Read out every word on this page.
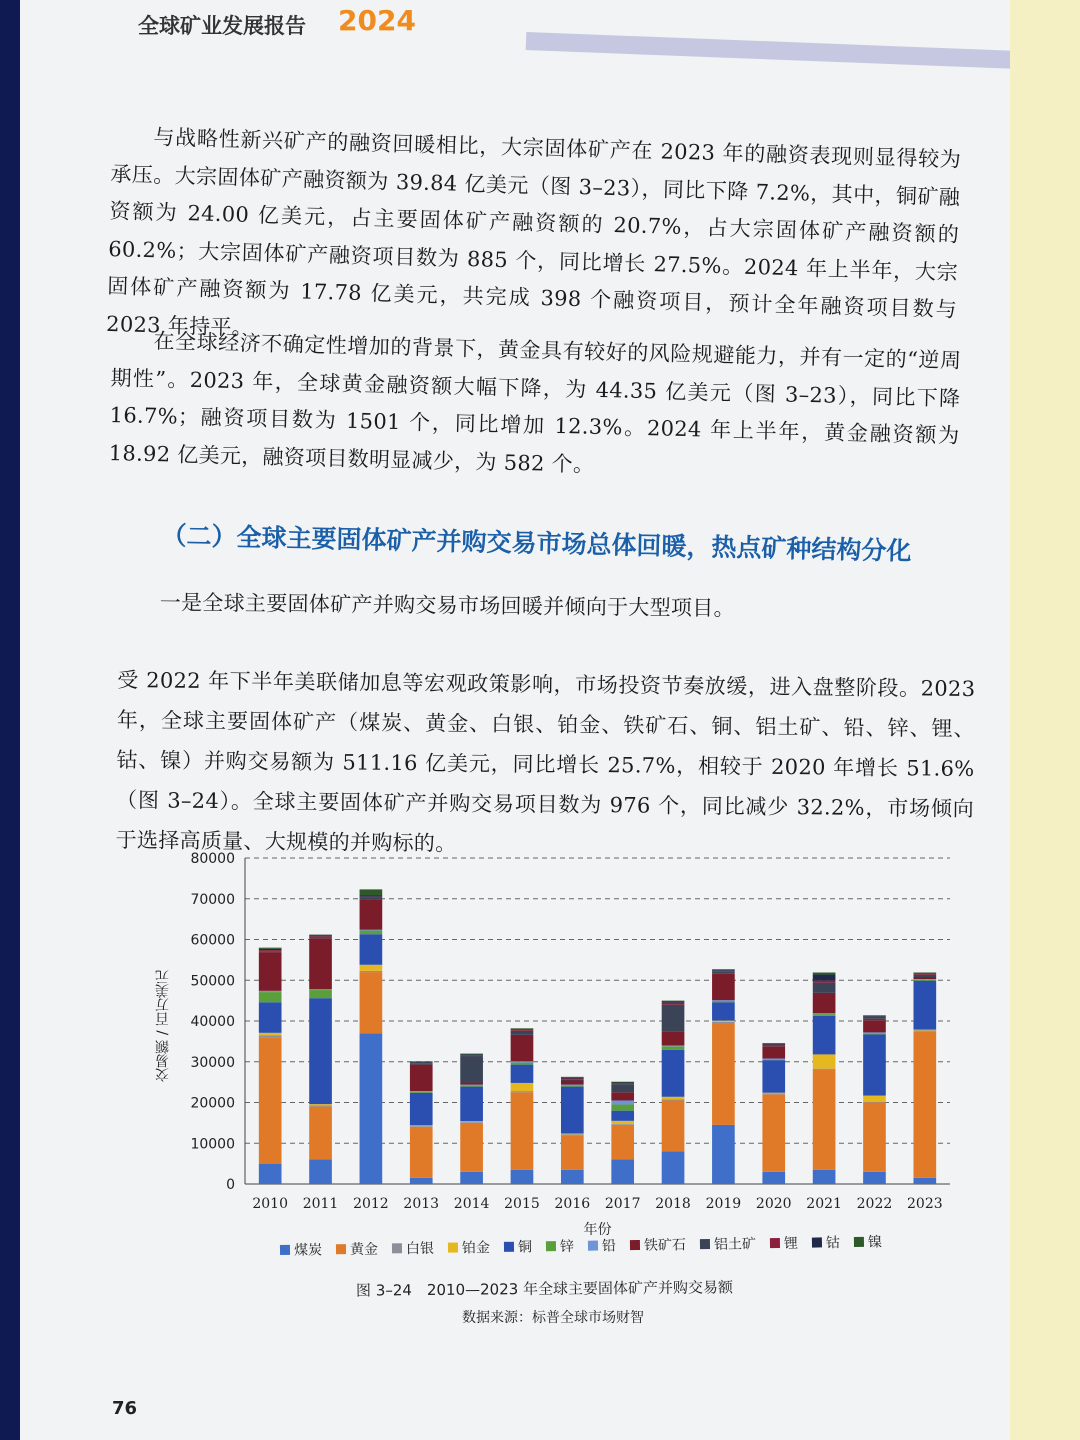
全球矿业发展报告 2024

与战略性新兴矿产的融资回暖相比，大宗固体矿产在 2023 年的融资表现则显得较为承压。大宗固体矿产融资额为 39.84 亿美元（图 3–23），同比下降 7.2%，其中，铜矿融资额为 24.00 亿美元，占主要固体矿产融资额的 20.7%，占大宗固体矿产融资额的 60.2%；大宗固体矿产融资项目数为 885 个，同比增长 27.5%。2024 年上半年，大宗固体矿产融资额为 17.78 亿美元，共完成 398 个融资项目，预计全年融资项目数与 2023 年持平。

在全球经济不确定性增加的背景下，黄金具有较好的风险规避能力，并有一定的“逆周期性”。2023 年，全球黄金融资额大幅下降，为 44.35 亿美元（图 3–23），同比下降 16.7%；融资项目数为 1501 个，同比增加 12.3%。2024 年上半年，黄金融资额为 18.92 亿美元，融资项目数明显减少，为 582 个。

（二）全球主要固体矿产并购交易市场总体回暖，热点矿种结构分化

一是全球主要固体矿产并购交易市场回暖并倾向于大型项目。

受 2022 年下半年美联储加息等宏观政策影响，市场投资节奏放缓，进入盘整阶段。2023 年，全球主要固体矿产（煤炭、黄金、白银、铂金、铁矿石、铜、铝土矿、铅、锌、锂、钴、镍）并购交易额为 511.16 亿美元，同比增长 25.7%，相较于 2020 年增长 51.6%（图 3–24）。全球主要固体矿产并购交易项目数为 976 个，同比减少 32.2%，市场倾向于选择高质量、大规模的并购标的。

交易额 / 百万美元
0
10000
20000
30000
40000
50000
60000
70000
80000
2010 2011 2012 2013 2014 2015 2016 2017 2018 2019 2020 2021 2022 2023
年份
煤炭 黄金 白银 铂金 铜 锌 铅 铁矿石 铝土矿 锂 钴 镍
图 3–24　2010—2023 年全球主要固体矿产并购交易额
数据来源：标普全球市场财智
76
